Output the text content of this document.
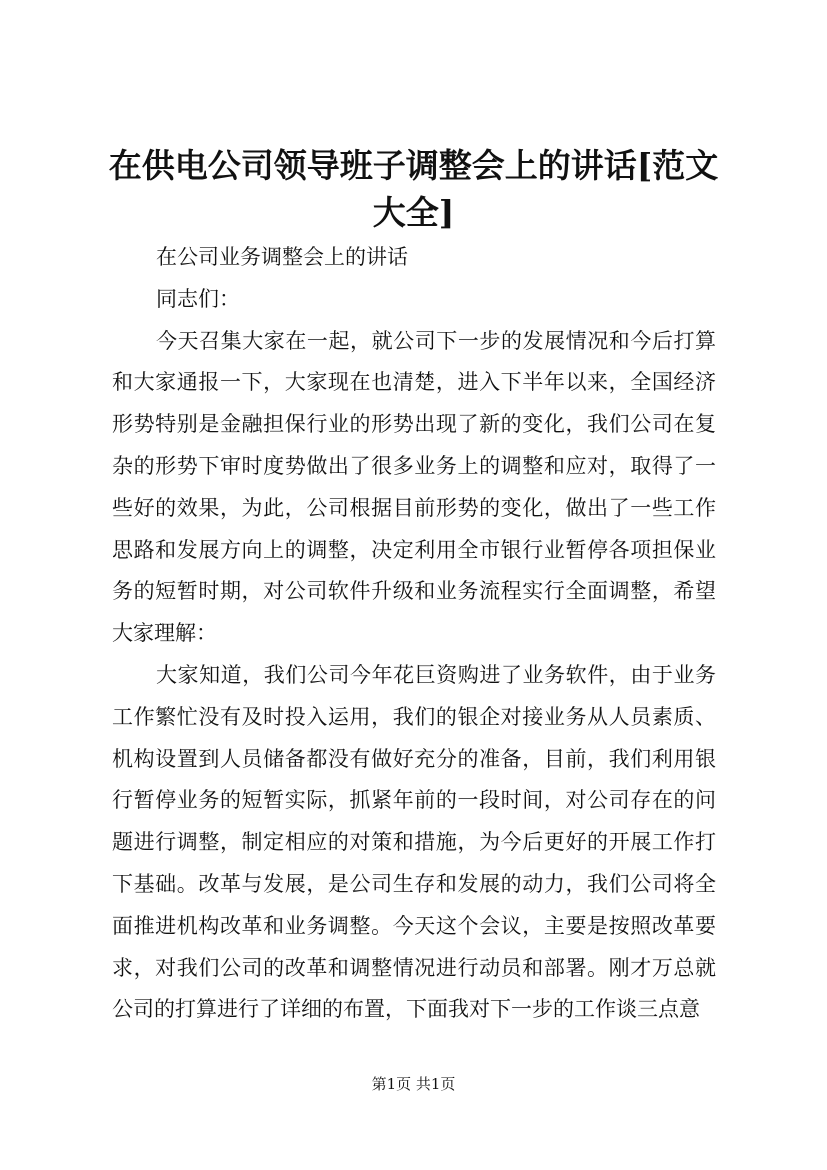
在供电公司领导班子调整会上的讲话[范文大全]

在公司业务调整会上的讲话

同志们：

今天召集大家在一起，就公司下一步的发展情况和今后打算和大家通报一下，大家现在也清楚，进入下半年以来，全国经济形势特别是金融担保行业的形势出现了新的变化，我们公司在复杂的形势下审时度势做出了很多业务上的调整和应对，取得了一些好的效果，为此，公司根据目前形势的变化，做出了一些工作思路和发展方向上的调整，决定利用全市银行业暂停各项担保业务的短暂时期，对公司软件升级和业务流程实行全面调整，希望大家理解：

大家知道，我们公司今年花巨资购进了业务软件，由于业务工作繁忙没有及时投入运用，我们的银企对接业务从人员素质、机构设置到人员储备都没有做好充分的准备，目前，我们利用银行暂停业务的短暂实际，抓紧年前的一段时间，对公司存在的问题进行调整，制定相应的对策和措施，为今后更好的开展工作打下基础。改革与发展，是公司生存和发展的动力，我们公司将全面推进机构改革和业务调整。今天这个会议，主要是按照改革要求，对我们公司的改革和调整情况进行动员和部署。刚才万总就公司的打算进行了详细的布置，下面我对下一步的工作谈三点意

第1页 共1页
